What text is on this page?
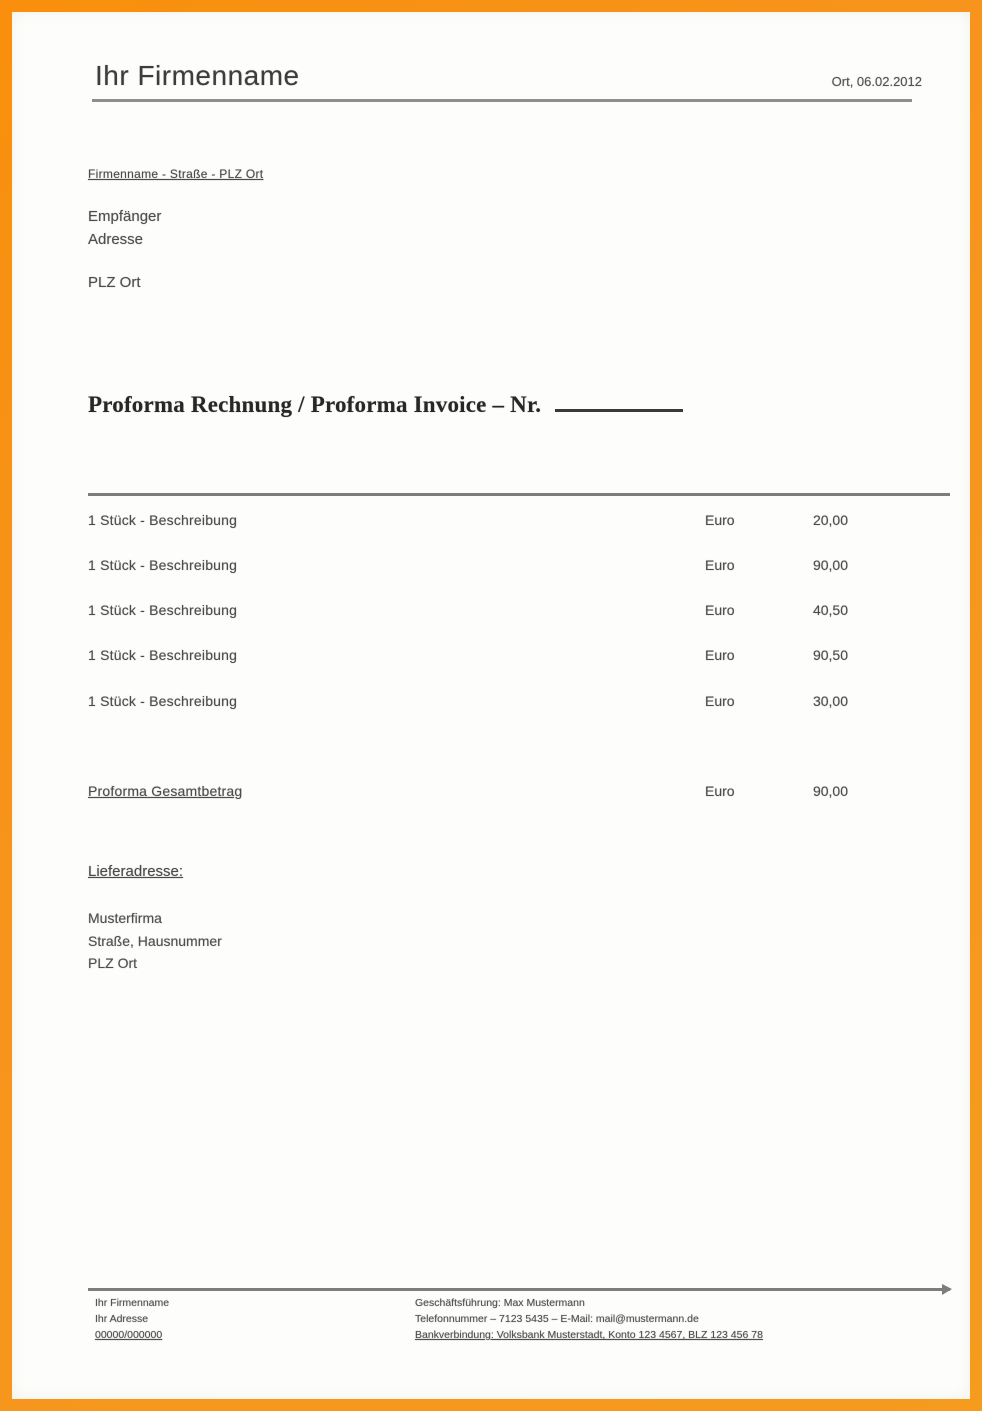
Ihr Firmenname	Ort, 06.02.2012
Firmenname - Straße - PLZ Ort
Empfänger
Adresse
PLZ Ort
Proforma Rechnung / Proforma Invoice – Nr.
1 Stück - Beschreibung	Euro	20,00
1 Stück - Beschreibung	Euro	90,00
1 Stück - Beschreibung	Euro	40,50
1 Stück - Beschreibung	Euro	90,50
1 Stück - Beschreibung	Euro	30,00
Proforma Gesamtbetrag	Euro	90,00
Lieferadresse:
Musterfirma
Straße, Hausnummer
PLZ Ort
Ihr Firmenname
Ihr Adresse
00000/000000
Geschäftsführung: Max Mustermann
Telefonnummer – 7123 5435 – E-Mail: mail@mustermann.de
Bankverbindung: Volksbank Musterstadt, Konto 123 4567, BLZ 123 456 78
